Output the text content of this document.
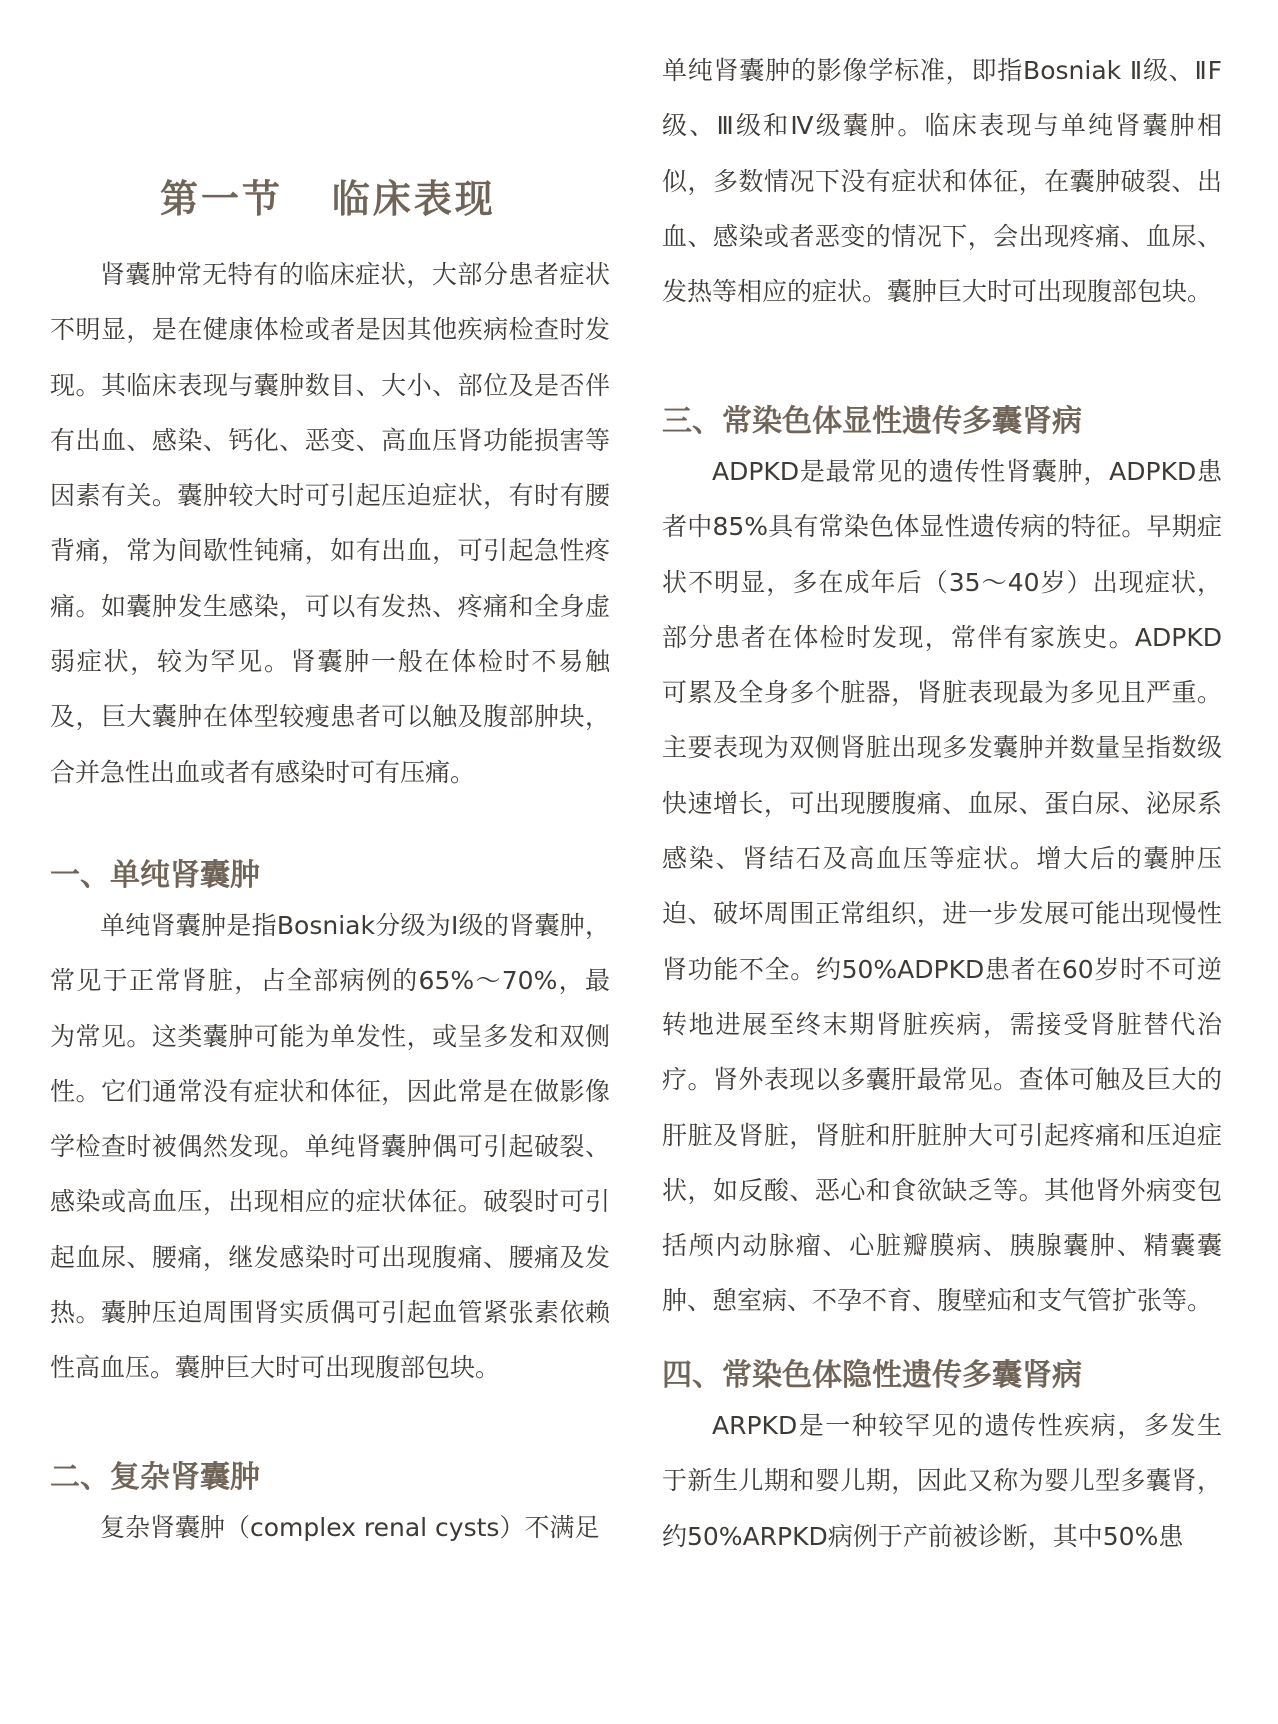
第一节   临床表现

肾囊肿常无特有的临床症状，大部分患者症状不明显，是在健康体检或者是因其他疾病检查时发现。其临床表现与囊肿数目、大小、部位及是否伴有出血、感染、钙化、恶变、高血压肾功能损害等因素有关。囊肿较大时可引起压迫症状，有时有腰背痛，常为间歇性钝痛，如有出血，可引起急性疼痛。如囊肿发生感染，可以有发热、疼痛和全身虚弱症状，较为罕见。肾囊肿一般在体检时不易触及，巨大囊肿在体型较瘦患者可以触及腹部肿块，合并急性出血或者有感染时可有压痛。

一、单纯肾囊肿

单纯肾囊肿是指Bosniak分级为Ⅰ级的肾囊肿，常见于正常肾脏，占全部病例的65%～70%，最为常见。这类囊肿可能为单发性，或呈多发和双侧性。它们通常没有症状和体征，因此常是在做影像学检查时被偶然发现。单纯肾囊肿偶可引起破裂、感染或高血压，出现相应的症状体征。破裂时可引起血尿、腰痛，继发感染时可出现腹痛、腰痛及发热。囊肿压迫周围肾实质偶可引起血管紧张素依赖性高血压。囊肿巨大时可出现腹部包块。

二、复杂肾囊肿

复杂肾囊肿（complex renal cysts）不满足

单纯肾囊肿的影像学标准，即指Bosniak Ⅱ级、ⅡF级、Ⅲ级和Ⅳ级囊肿。临床表现与单纯肾囊肿相似，多数情况下没有症状和体征，在囊肿破裂、出血、感染或者恶变的情况下，会出现疼痛、血尿、发热等相应的症状。囊肿巨大时可出现腹部包块。

三、常染色体显性遗传多囊肾病

ADPKD是最常见的遗传性肾囊肿，ADPKD患者中85%具有常染色体显性遗传病的特征。早期症状不明显，多在成年后（35～40岁）出现症状，部分患者在体检时发现，常伴有家族史。ADPKD可累及全身多个脏器，肾脏表现最为多见且严重。主要表现为双侧肾脏出现多发囊肿并数量呈指数级快速增长，可出现腰腹痛、血尿、蛋白尿、泌尿系感染、肾结石及高血压等症状。增大后的囊肿压迫、破坏周围正常组织，进一步发展可能出现慢性肾功能不全。约50%ADPKD患者在60岁时不可逆转地进展至终末期肾脏疾病，需接受肾脏替代治疗。肾外表现以多囊肝最常见。查体可触及巨大的肝脏及肾脏，肾脏和肝脏肿大可引起疼痛和压迫症状，如反酸、恶心和食欲缺乏等。其他肾外病变包括颅内动脉瘤、心脏瓣膜病、胰腺囊肿、精囊囊肿、憩室病、不孕不育、腹壁疝和支气管扩张等。

四、常染色体隐性遗传多囊肾病

ARPKD是一种较罕见的遗传性疾病，多发生于新生儿期和婴儿期，因此又称为婴儿型多囊肾，约50%ARPKD病例于产前被诊断，其中50%患
